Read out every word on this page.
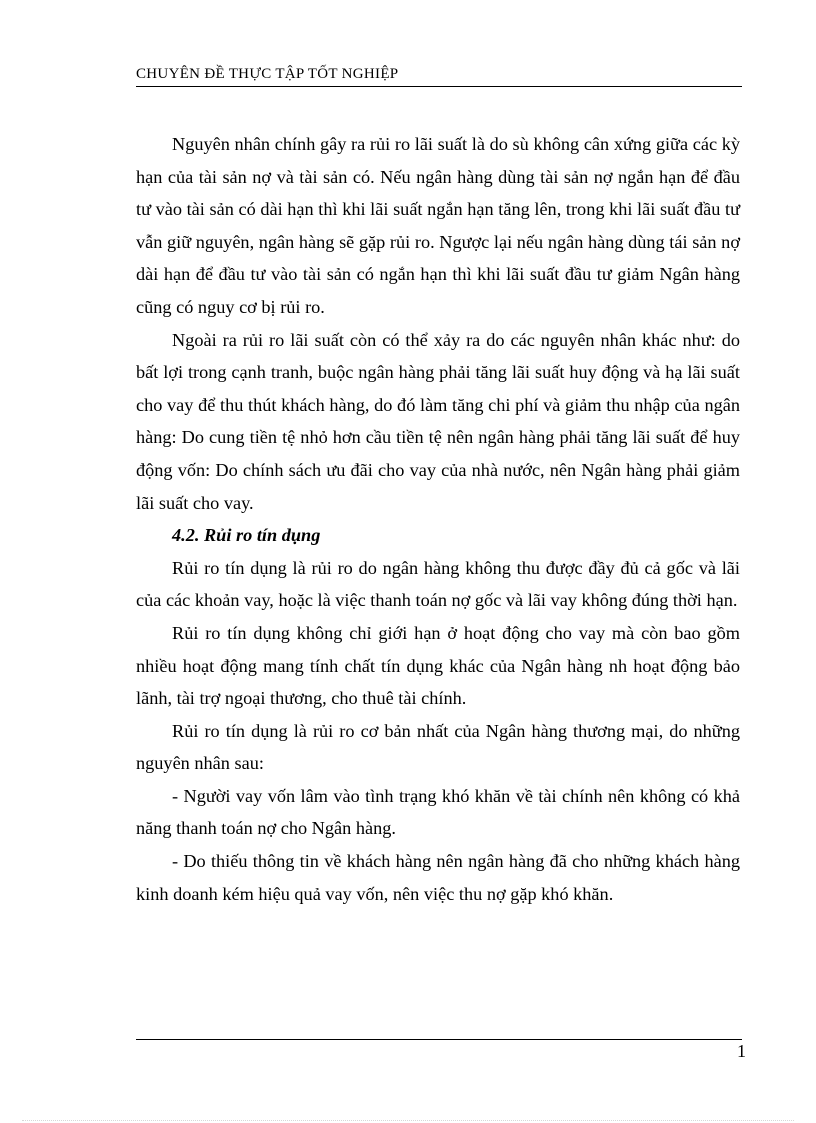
CHUYÊN ĐỀ THỰC TẬP TỐT NGHIỆP

Nguyên nhân chính gây ra rủi ro lãi suất là do sù không cân xứng giữa các kỳ hạn của tài sản nợ và tài sản có. Nếu ngân hàng dùng tài sản nợ ngắn hạn để đầu tư vào tài sản có dài hạn thì khi lãi suất ngắn hạn tăng lên, trong khi lãi suất đầu tư vẫn giữ nguyên, ngân hàng sẽ gặp rủi ro. Ngược lại nếu ngân hàng dùng tái sản nợ dài hạn để đầu tư vào tài sản có ngắn hạn thì khi lãi suất đầu tư giảm Ngân hàng cũng có nguy cơ bị rủi ro.

Ngoài ra rủi ro lãi suất còn có thể xảy ra do các nguyên nhân khác như: do bất lợi trong cạnh tranh, buộc ngân hàng phải tăng lãi suất huy động và hạ lãi suất cho vay để thu thút khách hàng, do đó làm tăng chi phí và giảm thu nhập của ngân hàng: Do cung tiền tệ nhỏ hơn cầu tiền tệ nên ngân hàng phải tăng lãi suất để huy động vốn: Do chính sách ưu đãi cho vay của nhà nước, nên Ngân hàng phải giảm lãi suất cho vay.

4.2. Rủi ro tín dụng

Rủi ro tín dụng là rủi ro do ngân hàng không thu được đầy đủ cả gốc và lãi của các khoản vay, hoặc là việc thanh toán nợ gốc và lãi vay không đúng thời hạn.

Rủi ro tín dụng không chỉ giới hạn ở hoạt động cho vay mà còn bao gồm nhiều hoạt động mang tính chất tín dụng khác của Ngân hàng nh hoạt động bảo lãnh, tài trợ ngoại thương, cho thuê tài chính.

Rủi ro tín dụng là rủi ro cơ bản nhất của Ngân hàng thương mại, do những nguyên nhân sau:

- Người vay vốn lâm vào tình trạng khó khăn về tài chính nên không có khả năng thanh toán nợ cho Ngân hàng.

- Do thiếu thông tin về khách hàng nên ngân hàng đã cho những khách hàng kinh doanh kém hiệu quả vay vốn, nên việc thu nợ gặp khó khăn.

1
